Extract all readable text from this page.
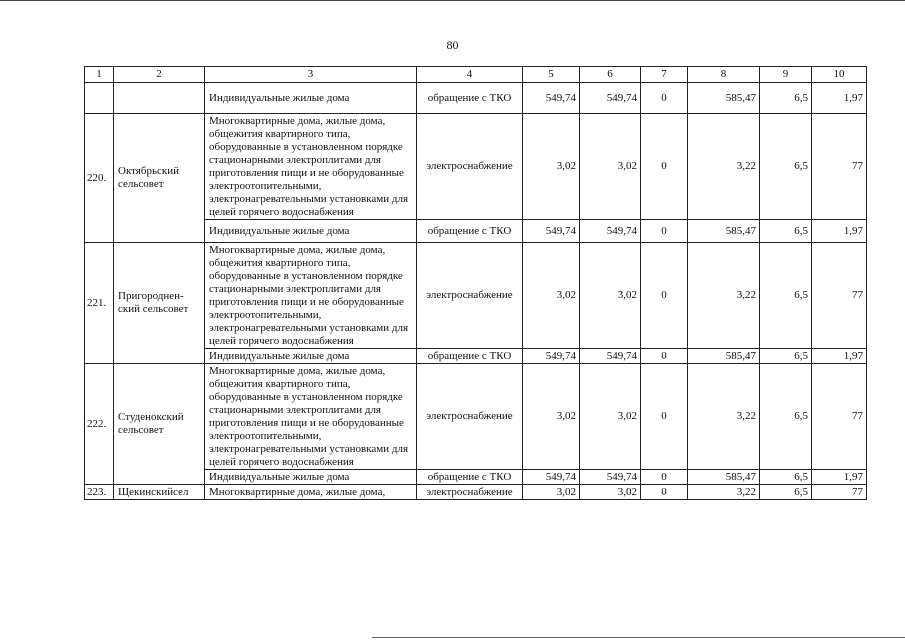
80
1	2	3	4	5	6	7	8	9	10
		Индивидуальные жилые дома	обращение с ТКО	549,74	549,74	0	585,47	6,5	1,97
220.	Октябрьский сельсовет	Многоквартирные дома, жилые дома, общежития квартирного типа, оборудованные в установленном порядке стационарными электроплитами для приготовления пищи и не оборудованные электроотопительными, электронагревательными установками для целей горячего водоснабжения	электроснабжение	3,02	3,02	0	3,22	6,5	77
		Индивидуальные жилые дома	обращение с ТКО	549,74	549,74	0	585,47	6,5	1,97
221.	Пригороднен-ский сельсовет	Многоквартирные дома, жилые дома, общежития квартирного типа, оборудованные в установленном порядке стационарными электроплитами для приготовления пищи и не оборудованные электроотопительными, электронагревательными установками для целей горячего водоснабжения	электроснабжение	3,02	3,02	0	3,22	6,5	77
		Индивидуальные жилые дома	обращение с ТКО	549,74	549,74	0	585,47	6,5	1,97
222.	Студенокский сельсовет	Многоквартирные дома, жилые дома, общежития квартирного типа, оборудованные в установленном порядке стационарными электроплитами для приготовления пищи и не оборудованные электроотопительными, электронагревательными установками для целей горячего водоснабжения	электроснабжение	3,02	3,02	0	3,22	6,5	77
		Индивидуальные жилые дома	обращение с ТКО	549,74	549,74	0	585,47	6,5	1,97
223.	Щекинскийсел	Многоквартирные дома, жилые дома,	электроснабжение	3,02	3,02	0	3,22	6,5	77
